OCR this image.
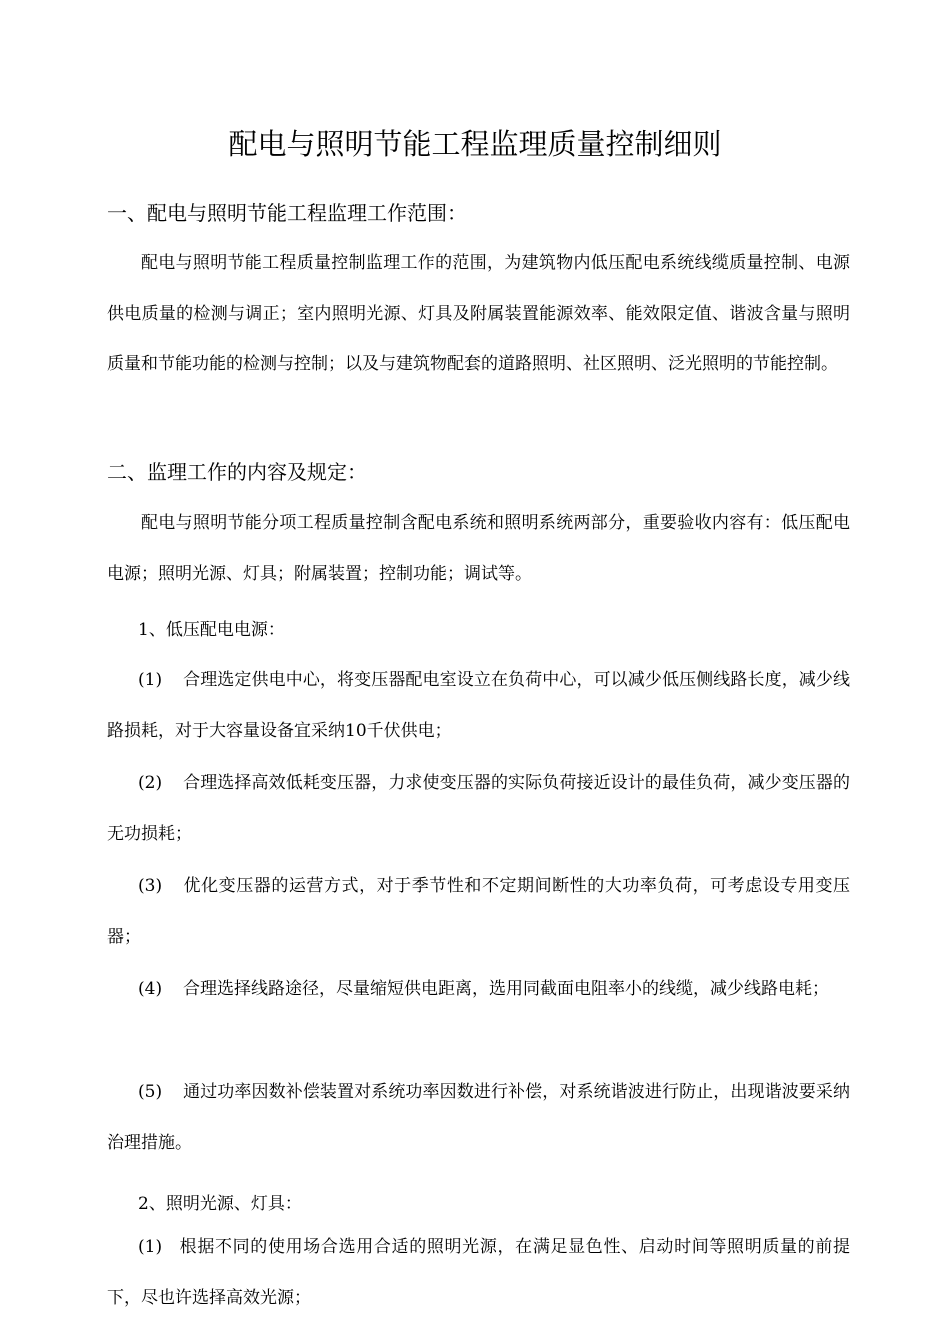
配电与照明节能工程监理质量控制细则
一、配电与照明节能工程监理工作范围：

配电与照明节能工程质量控制监理工作的范围，为建筑物内低压配电系统线缆质量控制、电源供电质量的检测与调正；室内照明光源、灯具及附属装置能源效率、能效限定值、谐波含量与照明质量和节能功能的检测与控制；以及与建筑物配套的道路照明、社区照明、泛光照明的节能控制。

二、监理工作的内容及规定：

配电与照明节能分项工程质量控制含配电系统和照明系统两部分，重要验收内容有：低压配电电源；照明光源、灯具；附属装置；控制功能；调试等。

1、低压配电电源：

(1) 合理选定供电中心，将变压器配电室设立在负荷中心，可以减少低压侧线路长度，减少线路损耗，对于大容量设备宜采纳10千伏供电；

(2) 合理选择高效低耗变压器，力求使变压器的实际负荷接近设计的最佳负荷，减少变压器的无功损耗；

(3) 优化变压器的运营方式，对于季节性和不定期间断性的大功率负荷，可考虑设专用变压器；

(4) 合理选择线路途径，尽量缩短供电距离，选用同截面电阻率小的线缆，减少线路电耗；

(5) 通过功率因数补偿装置对系统功率因数进行补偿，对系统谐波进行防止，出现谐波要采纳治理措施。

2、照明光源、灯具：

(1) 根据不同的使用场合选用合适的照明光源，在满足显色性、启动时间等照明质量的前提下，尽也许选择高效光源；
